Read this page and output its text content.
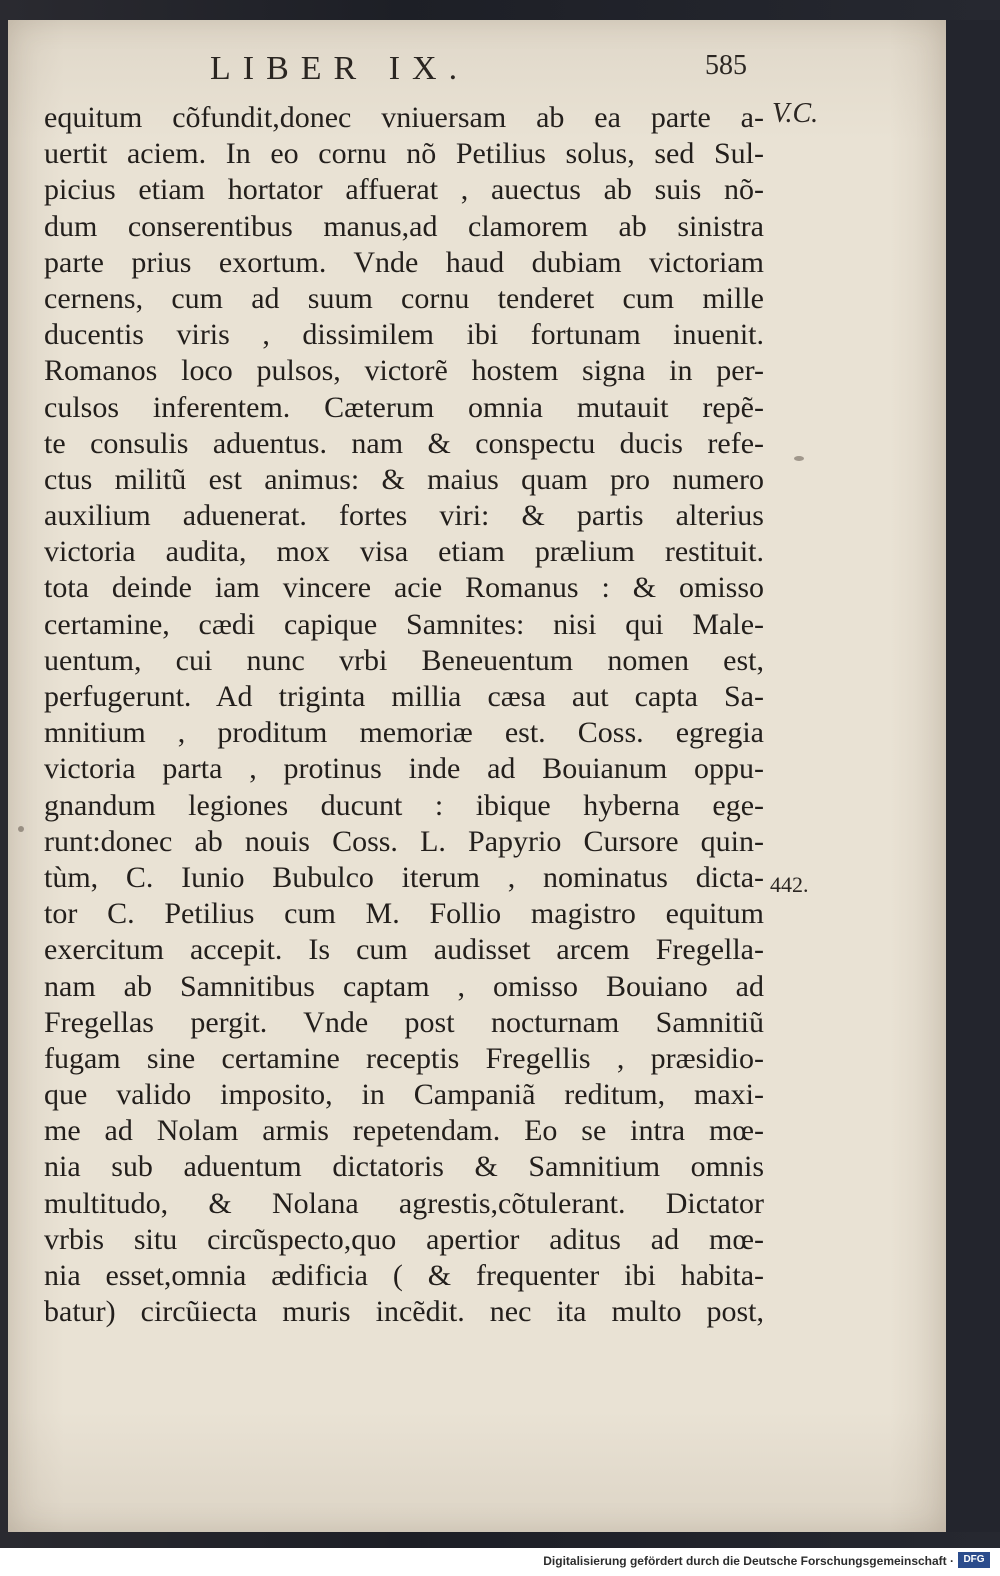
LIBER IX.	585
V.C.
442.
equitum cõfundit,donec vniuersam ab ea parte a-
uertit aciem. In eo cornu nõ Petilius solus, sed Sul-
picius etiam hortator affuerat , auectus ab suis nõ-
dum conserentibus manus,ad clamorem ab sinistra
parte prius exortum. Vnde haud dubiam victoriam
cernens, cum ad suum cornu tenderet cum mille
ducentis viris , dissimilem ibi fortunam inuenit.
Romanos loco pulsos, victorẽ hostem signa in per-
culsos inferentem. Cæterum omnia mutauit repẽ-
te consulis aduentus. nam & conspectu ducis refe-
ctus militũ est animus: & maius quam pro numero
auxilium aduenerat. fortes viri: & partis alterius
victoria audita, mox visa etiam prælium restituit.
tota deinde iam vincere acie Romanus : & omisso
certamine, cædi capique Samnites: nisi qui Male-
uentum, cui nunc vrbi Beneuentum nomen est,
perfugerunt. Ad triginta millia cæsa aut capta Sa-
mnitium , proditum memoriæ est. Coss. egregia
victoria parta , protinus inde ad Bouianum oppu-
gnandum legiones ducunt : ibique hyberna ege-
runt:donec ab nouis Coss. L. Papyrio Cursore quin-
tùm, C. Iunio Bubulco iterum , nominatus dicta-
tor C. Petilius cum M. Follio magistro equitum
exercitum accepit. Is cum audisset arcem Fregella-
nam ab Samnitibus captam , omisso Bouiano ad
Fregellas pergit. Vnde post nocturnam Samnitiũ
fugam sine certamine receptis Fregellis , præsidio-
que valido imposito, in Campaniã reditum, maxi-
me ad Nolam armis repetendam. Eo se intra mœ-
nia sub aduentum dictatoris & Samnitium omnis
multitudo, & Nolana agrestis,cõtulerant. Dictator
vrbis situ circũspecto,quo apertior aditus ad mœ-
nia esset,omnia ædificia ( & frequenter ibi habita-
batur) circũiecta muris incẽdit. nec ita multo post,
Digitalisierung gefördert durch die Deutsche Forschungsgemeinschaft · DFG
